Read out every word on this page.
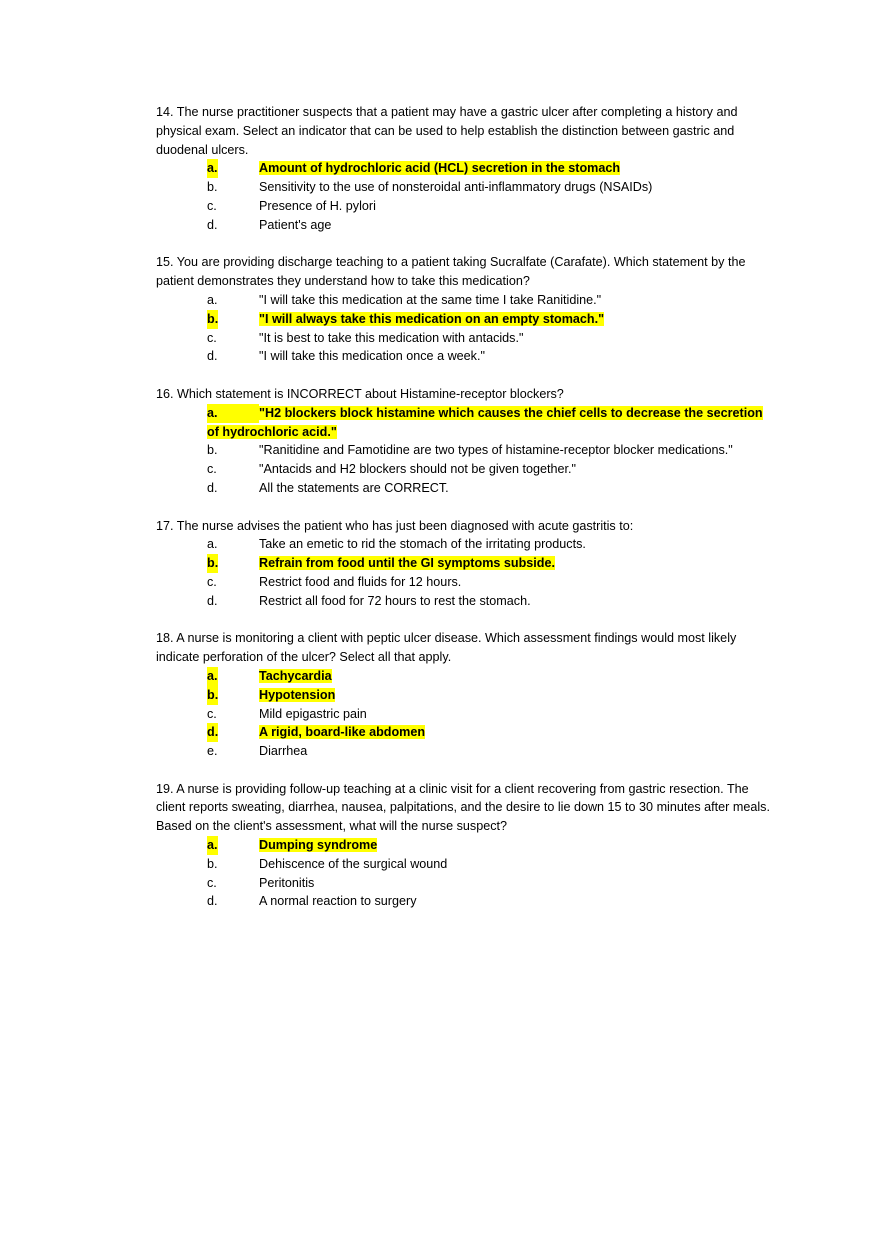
14. The nurse practitioner suspects that a patient may have a gastric ulcer after completing a history and physical exam. Select an indicator that can be used to help establish the distinction between gastric and duodenal ulcers.

a.	Amount of hydrochloric acid (HCL) secretion in the stomach
b.	Sensitivity to the use of nonsteroidal anti-inflammatory drugs (NSAIDs)
c.	Presence of H. pylori
d.	Patient's age

15. You are providing discharge teaching to a patient taking Sucralfate (Carafate). Which statement by the patient demonstrates they understand how to take this medication?

a.	"I will take this medication at the same time I take Ranitidine."
b.	"I will always take this medication on an empty stomach."
c.	"It is best to take this medication with antacids."
d.	"I will take this medication once a week."

16. Which statement is INCORRECT about Histamine-receptor blockers?

a.	"H2 blockers block histamine which causes the chief cells to decrease the secretion of hydrochloric acid."
b.	"Ranitidine and Famotidine are two types of histamine-receptor blocker medications."
c.	"Antacids and H2 blockers should not be given together."
d.	All the statements are CORRECT.

17. The nurse advises the patient who has just been diagnosed with acute gastritis to:

a.	Take an emetic to rid the stomach of the irritating products.
b.	Refrain from food until the GI symptoms subside.
c.	Restrict food and fluids for 12 hours.
d.	Restrict all food for 72 hours to rest the stomach.

18. A nurse is monitoring a client with peptic ulcer disease. Which assessment findings would most likely indicate perforation of the ulcer? Select all that apply.

a.	Tachycardia
b.	Hypotension
c.	Mild epigastric pain
d.	A rigid, board-like abdomen
e.	Diarrhea

19. A nurse is providing follow-up teaching at a clinic visit for a client recovering from gastric resection. The client reports sweating, diarrhea, nausea, palpitations, and the desire to lie down 15 to 30 minutes after meals. Based on the client's assessment, what will the nurse suspect?

a.	Dumping syndrome
b.	Dehiscence of the surgical wound
c.	Peritonitis
d.	A normal reaction to surgery
